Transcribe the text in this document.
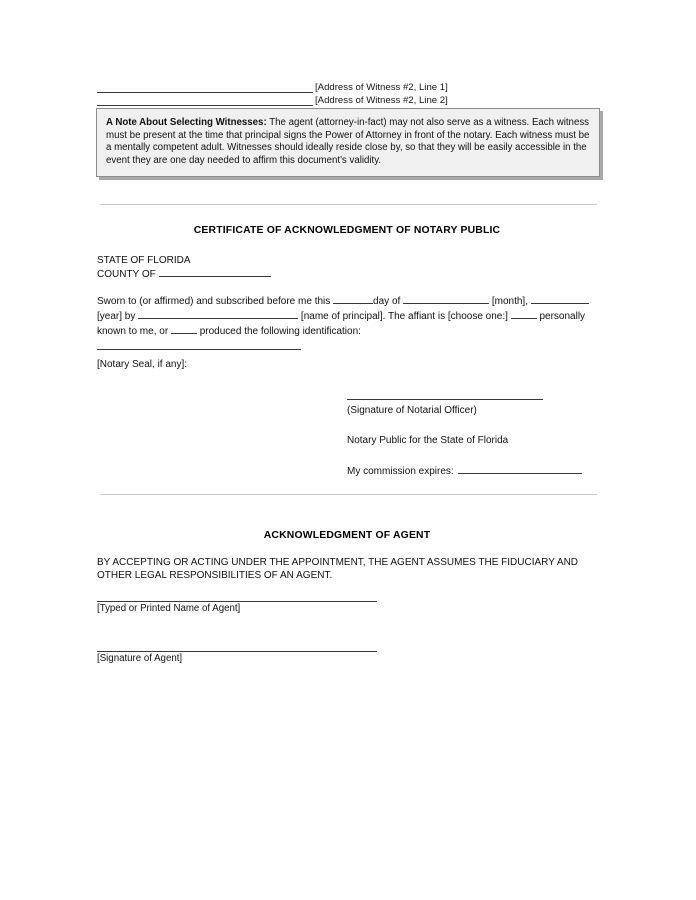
[Address of Witness #2, Line 1]
[Address of Witness #2, Line 2]

A Note About Selecting Witnesses: The agent (attorney-in-fact) may not also serve as a witness. Each witness must be present at the time that principal signs the Power of Attorney in front of the notary. Each witness must be a mentally competent adult. Witnesses should ideally reside close by, so that they will be easily accessible in the event they are one day needed to affirm this document's validity.

CERTIFICATE OF ACKNOWLEDGMENT OF NOTARY PUBLIC
STATE OF FLORIDA
COUNTY OF
Sworn to (or affirmed) and subscribed before me this	day of	[month],  [year] by	[name of principal]. The affiant is [choose one:]	personally known to me, or	produced the following identification:
[Notary Seal, if any]:
(Signature of Notarial Officer)
Notary Public for the State of Florida
My commission expires:
ACKNOWLEDGMENT OF AGENT
BY ACCEPTING OR ACTING UNDER THE APPOINTMENT, THE AGENT ASSUMES THE FIDUCIARY AND OTHER LEGAL RESPONSIBILITIES OF AN AGENT.
[Typed or Printed Name of Agent]
[Signature of Agent]
